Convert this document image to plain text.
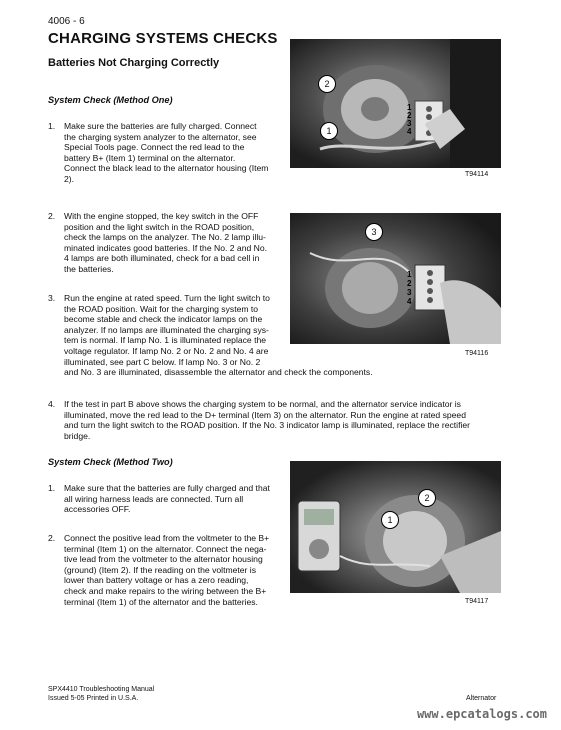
4006 - 6
CHARGING SYSTEMS CHECKS
Batteries Not Charging Correctly
System Check (Method One)
1. Make sure the batteries are fully charged. Connect
the charging system analyzer to the alternator, see
Special Tools page. Connect the red lead to the
battery B+ (Item 1) terminal on the alternator.
Connect the black lead to the alternator housing (Item
2).
2. With the engine stopped, the key switch in the OFF
position and the light switch in the ROAD position,
check the lamps on the analyzer. The No. 2 lamp illu-
minated indicates good batteries. If the No. 2 and No.
4 lamps are both illuminated, check for a bad cell in
the batteries.
3. Run the engine at rated speed. Turn the light switch to
the ROAD position. Wait for the charging system to
become stable and check the indicator lamps on the
analyzer. If no lamps are illuminated the charging sys-
tem is normal. If lamp No. 1 is illuminated replace the
voltage regulator. If lamp No. 2 or No. 2 and No. 4 are
illuminated, see part C below. If lamp No. 3 or No. 2
and No. 3 are illuminated, disassemble the alternator and check the components.
4. If the test in part B above shows the charging system to be normal, and the alternator service indicator is
illuminated, move the red lead to the D+ terminal (Item 3) on the alternator. Run the engine at rated speed
and turn the light switch to the ROAD position. If the No. 3 indicator lamp is illuminated, replace the rectifier
bridge.
System Check (Method Two)
1. Make sure that the batteries are fully charged and that
all wiring harness leads are connected. Turn all
accessories OFF.
2. Connect the positive lead from the voltmeter to the B+
terminal (Item 1) on the alternator. Connect the nega-
tive lead from the voltmeter to the alternator housing
(ground) (Item 2). If the reading on the voltmeter is
lower than battery voltage or has a zero reading,
check and make repairs to the wiring between the B+
terminal (Item 1) of the alternator and the batteries.
2
1
1
2
3
4
T94114
3
1
2
3
4
T94116
2
1
T94117
SPX4410 Troubleshooting Manual
Issued 5-05 Printed in U.S.A.	Alternator
www.epcatalogs.com
